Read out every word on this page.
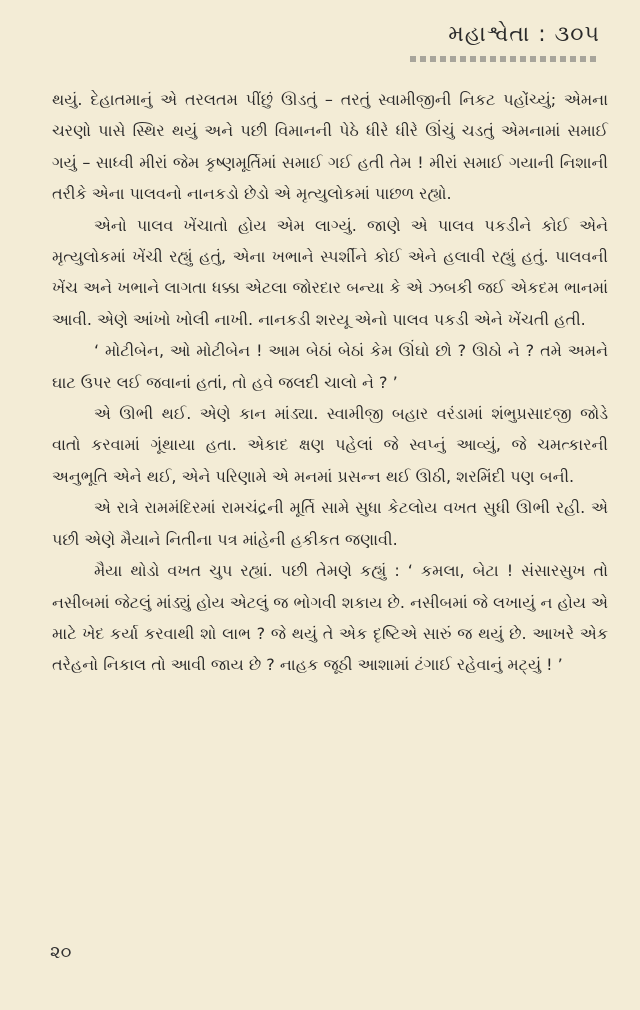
મહાશ્વેતા : ૩૦૫

થયું. દેહાતમાનું એ તરલતમ પીંછું ઊડતું – તરતું સ્વામીજીની નિકટ પહોંચ્યું; એમના ચરણો પાસે સ્થિર થયું અને પછી વિમાનની પેઠે ધીરે ધીરે ઊંચું ચડતું એમનામાં સમાઈ ગયું – સાધ્વી મીરાં જેમ કૃષ્ણમૂર્તિમાં સમાઈ ગઈ હતી તેમ ! મીરાં સમાઈ ગયાની નિશાની તરીકે એના પાલવનો નાનકડો છેડો એ મૃત્યુલોકમાં પાછળ રહ્યો.

એનો પાલવ ખેંચાતો હોય એમ લાગ્યું. જાણે એ પાલવ પકડીને કોઈ એને મૃત્યુલોકમાં ખેંચી રહ્યું હતું, એના ખભાને સ્પર્શીને કોઈ એને હલાવી રહ્યું હતું. પાલવની ખેંચ અને ખભાને લાગતા ધક્કા એટલા જોરદાર બન્યા કે એ ઝબકી જઈ એકદમ ભાનમાં આવી. એણે આંખો ખોલી નાખી. નાનકડી શરયૂ એનો પાલવ પકડી એને ખેંચતી હતી.

‘ મોટીબેન, ઓ મોટીબેન ! આમ બેઠાં બેઠાં કેમ ઊંઘો છો ? ઊઠો ને ? તમે અમને ઘાટ ઉપર લઈ જવાનાં હતાં, તો હવે જલદી ચાલો ને ? ’

એ ઊભી થઈ. એણે કાન માંડ્યા. સ્વામીજી બહાર વરંડામાં શંભુપ્રસાદજી જોડે વાતો કરવામાં ગૂંથાયા હતા. એકાદ ક્ષણ પહેલાં જે સ્વપ્નું આવ્યું, જે ચમત્કારની અનુભૂતિ એને થઈ, એને પરિણામે એ મનમાં પ્રસન્ન થઈ ઊઠી, શરમિંદી પણ બની.

એ રાત્રે રામમંદિરમાં રામચંદ્રની મૂર્તિ સામે સુધા કેટલોય વખત સુધી ઊભી રહી. એ પછી એણે મૈયાને નિતીના પત્ર માંહેની હકીકત જણાવી.

મૈયા થોડો વખત ચુપ રહ્યાં. પછી તેમણે કહ્યું : ‘ કમલા, બેટા ! સંસારસુખ તો નસીબમાં જેટલું માંડ્યું હોય એટલું જ ભોગવી શકાય છે. નસીબમાં જે લખાયું ન હોય એ માટે ખેદ કર્યા કરવાથી શો લાભ ? જે થયું તે એક દૃષ્ટિએ સારું જ થયું છે. આખરે એક તરેહનો નિકાલ તો આવી જાય છે ? નાહક જૂઠી આશામાં ટંગાઈ રહેવાનું મટ્યું ! ’

૨૦
